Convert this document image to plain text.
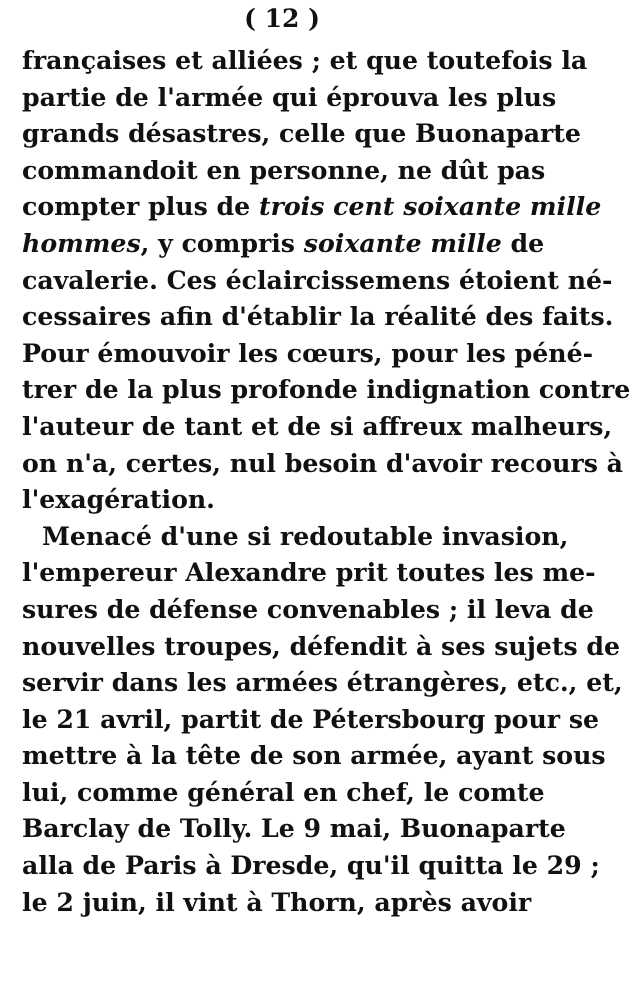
( 12 )
françaises et alliées ; et que toutefois la
partie de l'armée qui éprouva les plus
grands désastres, celle que Buonaparte
commandoit en personne, ne dût pas
compter plus de trois cent soixante mille
hommes, y compris soixante mille de
cavalerie. Ces éclaircissemens étoient né-
cessaires afin d'établir la réalité des faits.
Pour émouvoir les cœurs, pour les péné-
trer de la plus profonde indignation contre
l'auteur de tant et de si affreux malheurs,
on n'a, certes, nul besoin d'avoir recours à
l'exagération.
Menacé d'une si redoutable invasion,
l'empereur Alexandre prit toutes les me-
sures de défense convenables ; il leva de
nouvelles troupes, défendit à ses sujets de
servir dans les armées étrangères, etc., et,
le 21 avril, partit de Pétersbourg pour se
mettre à la tête de son armée, ayant sous
lui, comme général en chef, le comte
Barclay de Tolly. Le 9 mai, Buonaparte
alla de Paris à Dresde, qu'il quitta le 29 ;
le 2 juin, il vint à Thorn, après avoir
